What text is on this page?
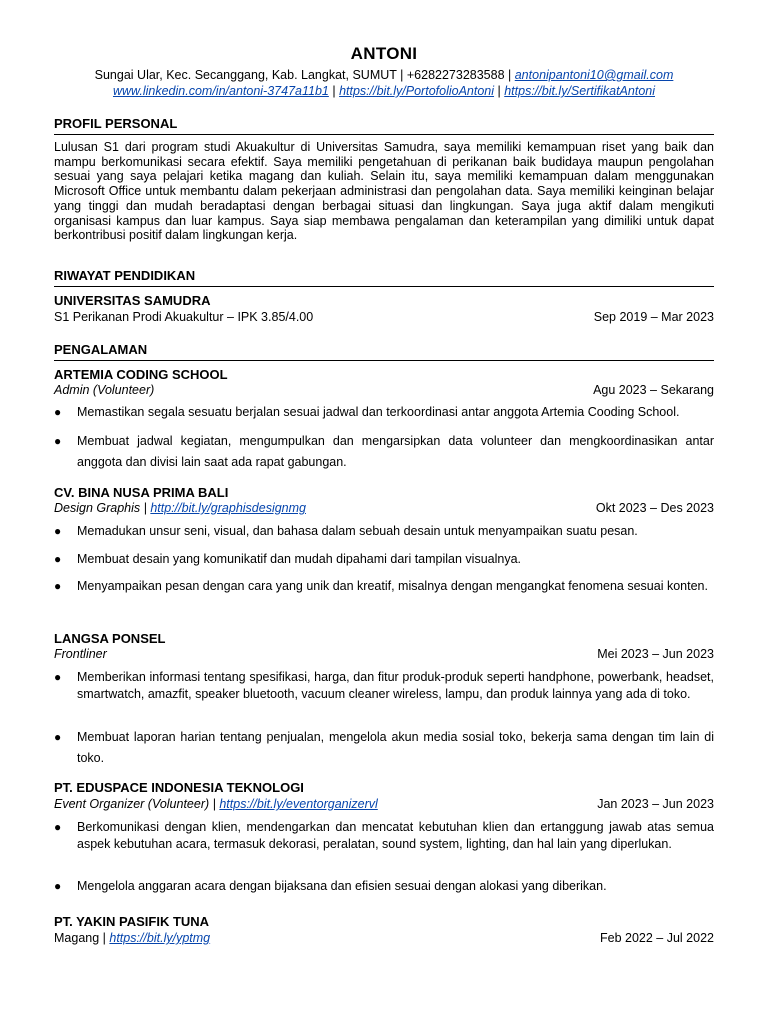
ANTONI
Sungai Ular, Kec. Secanggang, Kab. Langkat, SUMUT | +6282273283588 | antonipantoni10@gmail.com
www.linkedin.com/in/antoni-3747a11b1 | https://bit.ly/PortofolioAntoni | https://bit.ly/SertifikatAntoni
PROFIL PERSONAL
Lulusan S1 dari program studi Akuakultur di Universitas Samudra, saya memiliki kemampuan riset yang baik dan mampu berkomunikasi secara efektif. Saya memiliki pengetahuan di perikanan baik budidaya maupun pengolahan sesuai yang saya pelajari ketika magang dan kuliah. Selain itu, saya memiliki kemampuan dalam menggunakan Microsoft Office untuk membantu dalam pekerjaan administrasi dan pengolahan data. Saya memiliki keinginan belajar yang tinggi dan mudah beradaptasi dengan berbagai situasi dan lingkungan. Saya juga aktif dalam mengikuti organisasi kampus dan luar kampus. Saya siap membawa pengalaman dan keterampilan yang dimiliki untuk dapat berkontribusi positif dalam lingkungan kerja.
RIWAYAT PENDIDIKAN
UNIVERSITAS SAMUDRA
S1 Perikanan Prodi Akuakultur – IPK 3.85/4.00	Sep 2019 – Mar 2023
PENGALAMAN
ARTEMIA CODING SCHOOL
Admin (Volunteer)	Agu 2023 – Sekarang
● Memastikan segala sesuatu berjalan sesuai jadwal dan terkoordinasi antar anggota Artemia Cooding School.
● Membuat jadwal kegiatan, mengumpulkan dan mengarsipkan data volunteer dan mengkoordinasikan antar anggota dan divisi lain saat ada rapat gabungan.
CV. BINA NUSA PRIMA BALI
Design Graphis | http://bit.ly/graphisdesignmg	Okt 2023 – Des 2023
● Memadukan unsur seni, visual, dan bahasa dalam sebuah desain untuk menyampaikan suatu pesan.
● Membuat desain yang komunikatif dan mudah dipahami dari tampilan visualnya.
● Menyampaikan pesan dengan cara yang unik dan kreatif, misalnya dengan mengangkat fenomena sesuai konten.
LANGSA PONSEL
Frontliner	Mei 2023 – Jun 2023
● Memberikan informasi tentang spesifikasi, harga, dan fitur produk-produk seperti handphone, powerbank, headset, smartwatch, amazfit, speaker bluetooth, vacuum cleaner wireless, lampu, dan produk lainnya yang ada di toko.
● Membuat laporan harian tentang penjualan, mengelola akun media sosial toko, bekerja sama dengan tim lain di toko.
PT. EDUSPACE INDONESIA TEKNOLOGI
Event Organizer (Volunteer) | https://bit.ly/eventorganizervl	Jan 2023 – Jun 2023
● Berkomunikasi dengan klien, mendengarkan dan mencatat kebutuhan klien dan ertanggung jawab atas semua aspek kebutuhan acara, termasuk dekorasi, peralatan, sound system, lighting, dan hal lain yang diperlukan.
● Mengelola anggaran acara dengan bijaksana dan efisien sesuai dengan alokasi yang diberikan.
PT. YAKIN PASIFIK TUNA
Magang | https://bit.ly/yptmg	Feb 2022 – Jul 2022
